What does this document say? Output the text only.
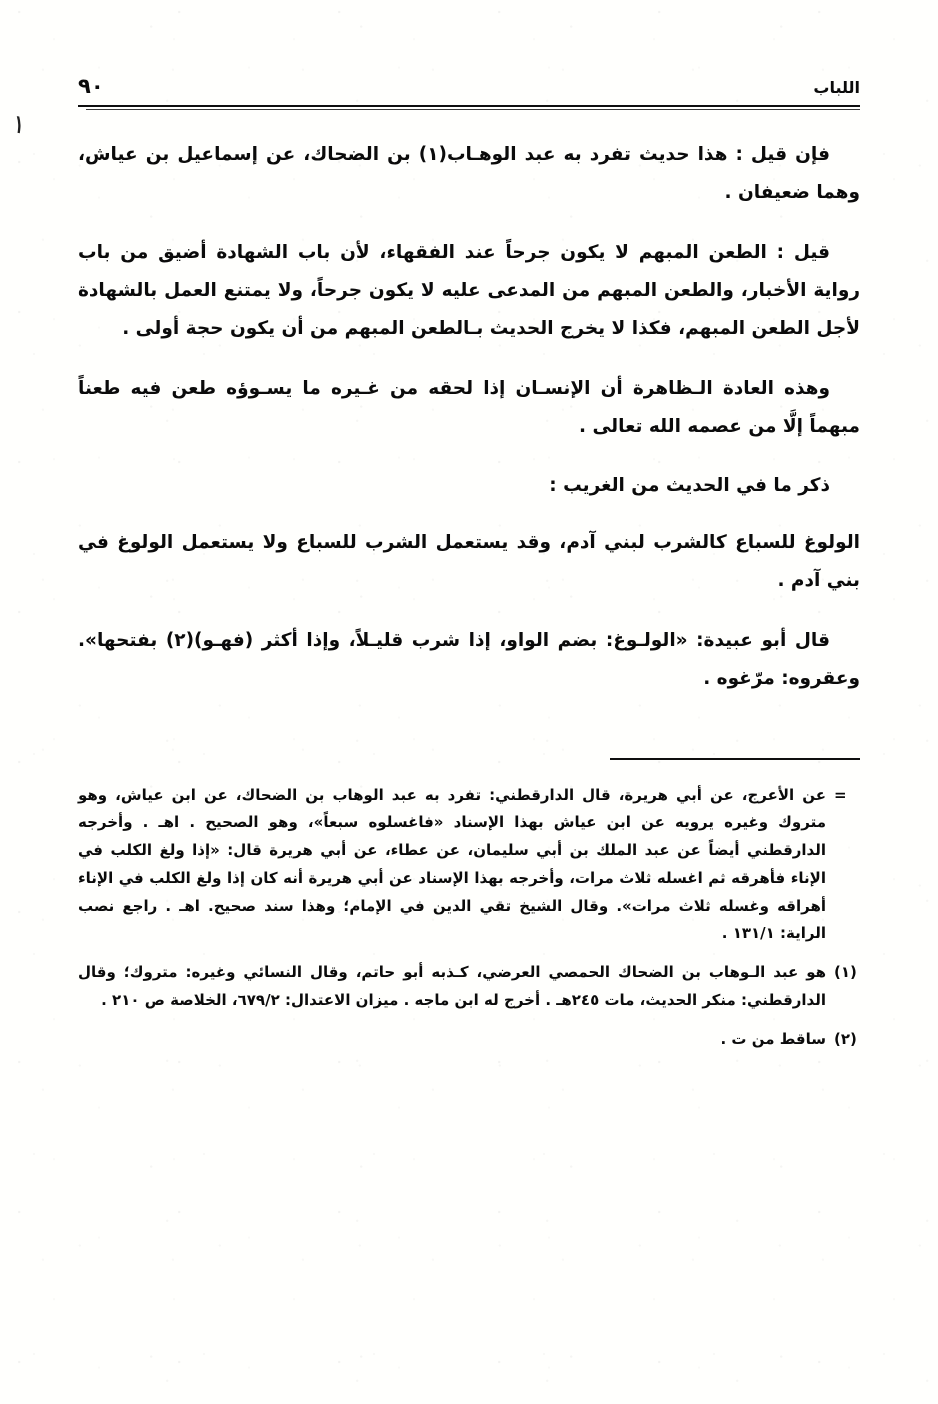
١
اللباب
٩٠

فإن قيل : هذا حديث تفرد به عبد الوهـاب(١) بن الضحاك، عن إسماعيل بن عياش، وهما ضعيفان .

قيل : الطعن المبهم لا يكون جرحاً عند الفقهاء، لأن باب الشهادة أضيق من باب رواية الأخبار، والطعن المبهم من المدعى عليه لا يكون جرحاً، ولا يمتنع العمل بالشهادة لأجل الطعن المبهم، فكذا لا يخرج الحديث بـالطعن المبهم من أن يكون حجة أولى .

وهذه العادة الـظاهرة أن الإنسـان إذا لحقه من غـيره ما يسـوؤه طعن فيه طعناً مبهماً إلَّا من عصمه الله تعالى .

ذكر ما في الحديث من الغريب :

الولوغ للسباع كالشرب لبني آدم، وقد يستعمل الشرب للسباع ولا يستعمل الولوغ في بني آدم .

قال أبو عبيدة: «الولـوغ: بضم الواو، إذا شرب قليـلاً، وإذا أكثر (فهـو)(٢) بفتحها». وعقروه: مرّغوه .

=
عن الأعرج، عن أبي هريرة، قال الدارقطني: تفرد به عبد الوهاب بن الضحاك، عن ابن عياش، وهو متروك وغيره يرويه عن ابن عياش بهذا الإسناد «فاغسلوه سبعاً»، وهو الصحيح . اهـ . وأخرجه الدارقطني أيضاً عن عبد الملك بن أبي سليمان، عن عطاء، عن أبي هريرة قال: «إذا ولغ الكلب في الإناء فأهرقه ثم اغسله ثلاث مرات، وأخرجه بهذا الإسناد عن أبي هريرة أنه كان إذا ولغ الكلب في الإناء أهراقه وغسله ثلاث مرات». وقال الشيخ تقي الدين في الإمام؛ وهذا سند صحيح. اهـ . راجع نصب الراية: ١٣١/١ .
(١)
هو عبد الـوهاب بن الضحاك الحمصي العرضي، كـذبه أبو حاتم، وقال النسائي وغيره: متروك؛ وقال الدارقطني: منكر الحديث، مات ٢٤٥هـ . أخرج له ابن ماجه . ميزان الاعتدال: ٦٧٩/٢، الخلاصة ص ٢١٠ .
(٢)
ساقط من ت .
